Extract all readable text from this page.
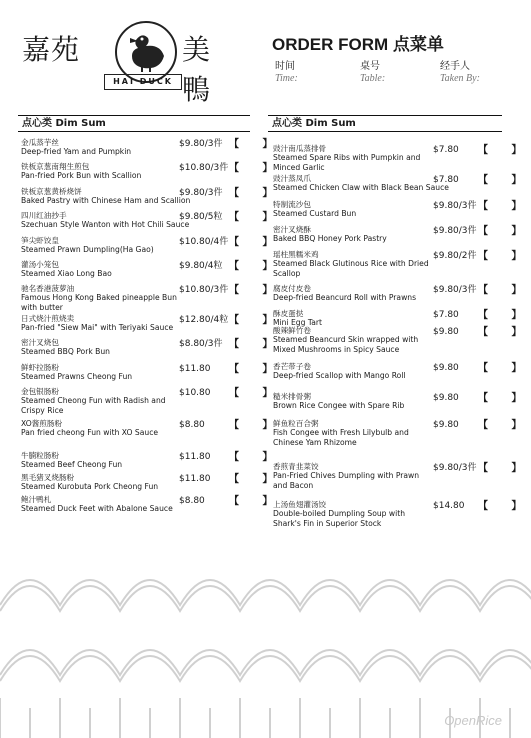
嘉苑	美鴨
HAI DUCK
ORDER FORM 点菜单
时间
Time:
桌号
Table:
经手人
Taken By:
点心类 Dim Sum	点心类 Dim Sum
金瓜蒸芋丝
Deep-fried Yam and Pumpkin
$9.80/3件 【 】
铁板京葱南翔生煎包
Pan-fried Pork Bun with Scallion
$10.80/3件 【 】
铁板京葱黄桥烧饼
Baked Pastry with Chinese Ham and Scallion
$9.80/3件 【 】
四川红油抄手
Szechuan Style Wanton with Hot Chili Sauce
$9.80/5粒 【 】
笋尖虾饺皇
Steamed Prawn Dumpling(Ha Gao)
$10.80/4件 【 】
灌汤小笼包
Steamed Xiao Long Bao
$9.80/4粒 【 】
驰名香港菠萝油
Famous Hong Kong Baked pineapple Bun
with butter
$10.80/3件 【 】
日式烧汁煎烧卖
Pan-fried "Siew Mai" with Teriyaki Sauce
$12.80/4粒 【 】
密汁叉烧包
Steamed BBQ Pork Bun
$8.80/3件 【 】
鲜虾拉肠粉
Steamed Prawns Cheong Fun
$11.80 【 】
金包银肠粉
Steamed Cheong Fun with Radish and
Crispy Rice
$10.80 【 】
XO酱煎肠粉
Pan fried cheong Fun with XO Sauce
$8.80 【 】
牛腩粒肠粉
Steamed Beef Cheong Fun
$11.80 【 】
黑毛猪叉烧肠粉
Steamed Kurobuta Pork Cheong Fun
$11.80 【 】
鲍汁鸭札
Steamed Duck Feet with Abalone Sauce
$8.80 【 】
豉汁南瓜蒸排骨
Steamed Spare Ribs with Pumpkin and
Minced Garlic
$7.80 【 】
豉汁蒸凤爪
Steamed Chicken Claw with Black Bean Sauce
$7.80 【 】
特制流沙包
Steamed Custard Bun
$9.80/3件 【 】
密汁叉烧酥
Baked BBQ Honey Pork Pastry
$9.80/3件 【 】
瑶柱黑糯米鸡
Steamed Black Glutinous Rice with Dried
Scallop
$9.80/2件 【 】
腐皮付皮卷
Deep-fried Beancurd Roll with Prawns
$9.80/3件 【 】
酥皮蛋挞
Mini Egg Tart
$7.80 【 】
酸辣鲜竹卷
Steamed Beancurd Skin wrapped with
Mixed Mushrooms in Spicy Sauce
$9.80 【 】
香芒带子卷
Deep-fried Scallop with Mango Roll
$9.80 【 】
糙米排骨粥
Brown Rice Congee with Spare Rib
$9.80 【 】
鲜鱼粒百合粥
Fish Congee with Fresh Lilybulb and
Chinese Yam Rhizome
$9.80 【 】
香煎青韭菜饺
Pan-Fried Chives Dumpling with Prawn
and Bacon
$9.80/3件 【 】
上汤鱼翅灌汤饺
Double-boiled Dumpling Soup with
Shark's Fin in Superior Stock
$14.80 【 】
OpenRice
